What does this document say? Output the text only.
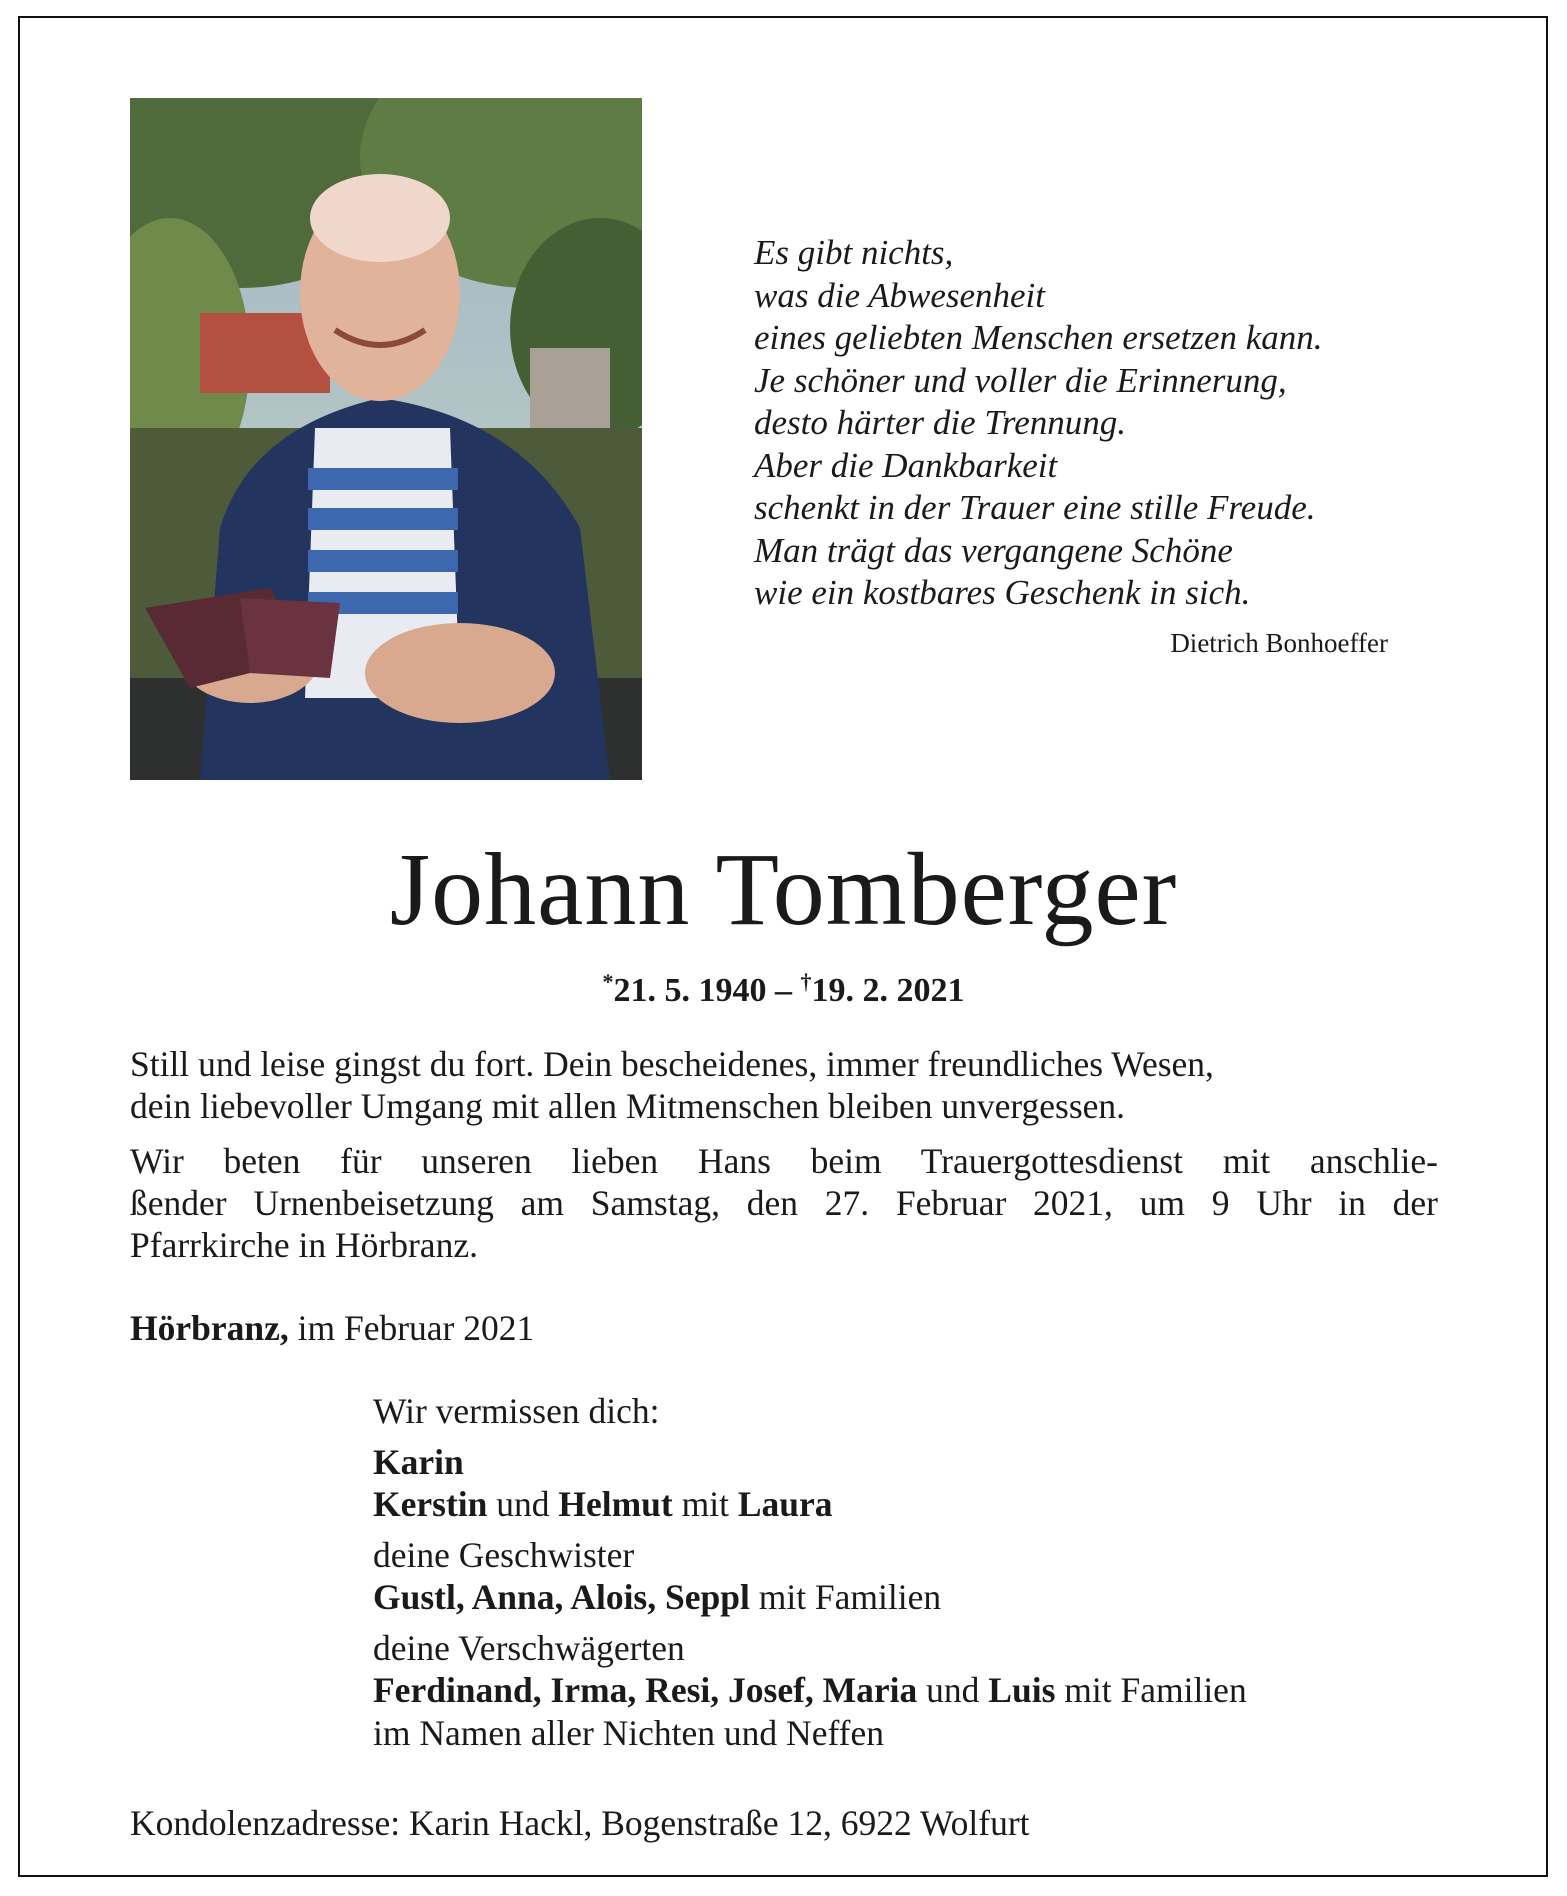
Es gibt nichts,
was die Abwesenheit
eines geliebten Menschen ersetzen kann.
Je schöner und voller die Erinnerung,
desto härter die Trennung.
Aber die Dankbarkeit
schenkt in der Trauer eine stille Freude.
Man trägt das vergangene Schöne
wie ein kostbares Geschenk in sich.
Dietrich Bonhoeffer
Johann Tomberger
*21. 5. 1940 – †19. 2. 2021
Still und leise gingst du fort. Dein bescheidenes, immer freundliches Wesen,
dein liebevoller Umgang mit allen Mitmenschen bleiben unvergessen.
Wir beten für unseren lieben Hans beim Trauergottesdienst mit anschlie-
ßender Urnenbeisetzung am Samstag, den 27. Februar 2021, um 9 Uhr in der
Pfarrkirche in Hörbranz.
Hörbranz, im Februar 2021
Wir vermissen dich:
Karin
Kerstin und Helmut mit Laura
deine Geschwister
Gustl, Anna, Alois, Seppl mit Familien
deine Verschwägerten
Ferdinand, Irma, Resi, Josef, Maria und Luis mit Familien
im Namen aller Nichten und Neffen
Kondolenzadresse: Karin Hackl, Bogenstraße 12, 6922 Wolfurt
